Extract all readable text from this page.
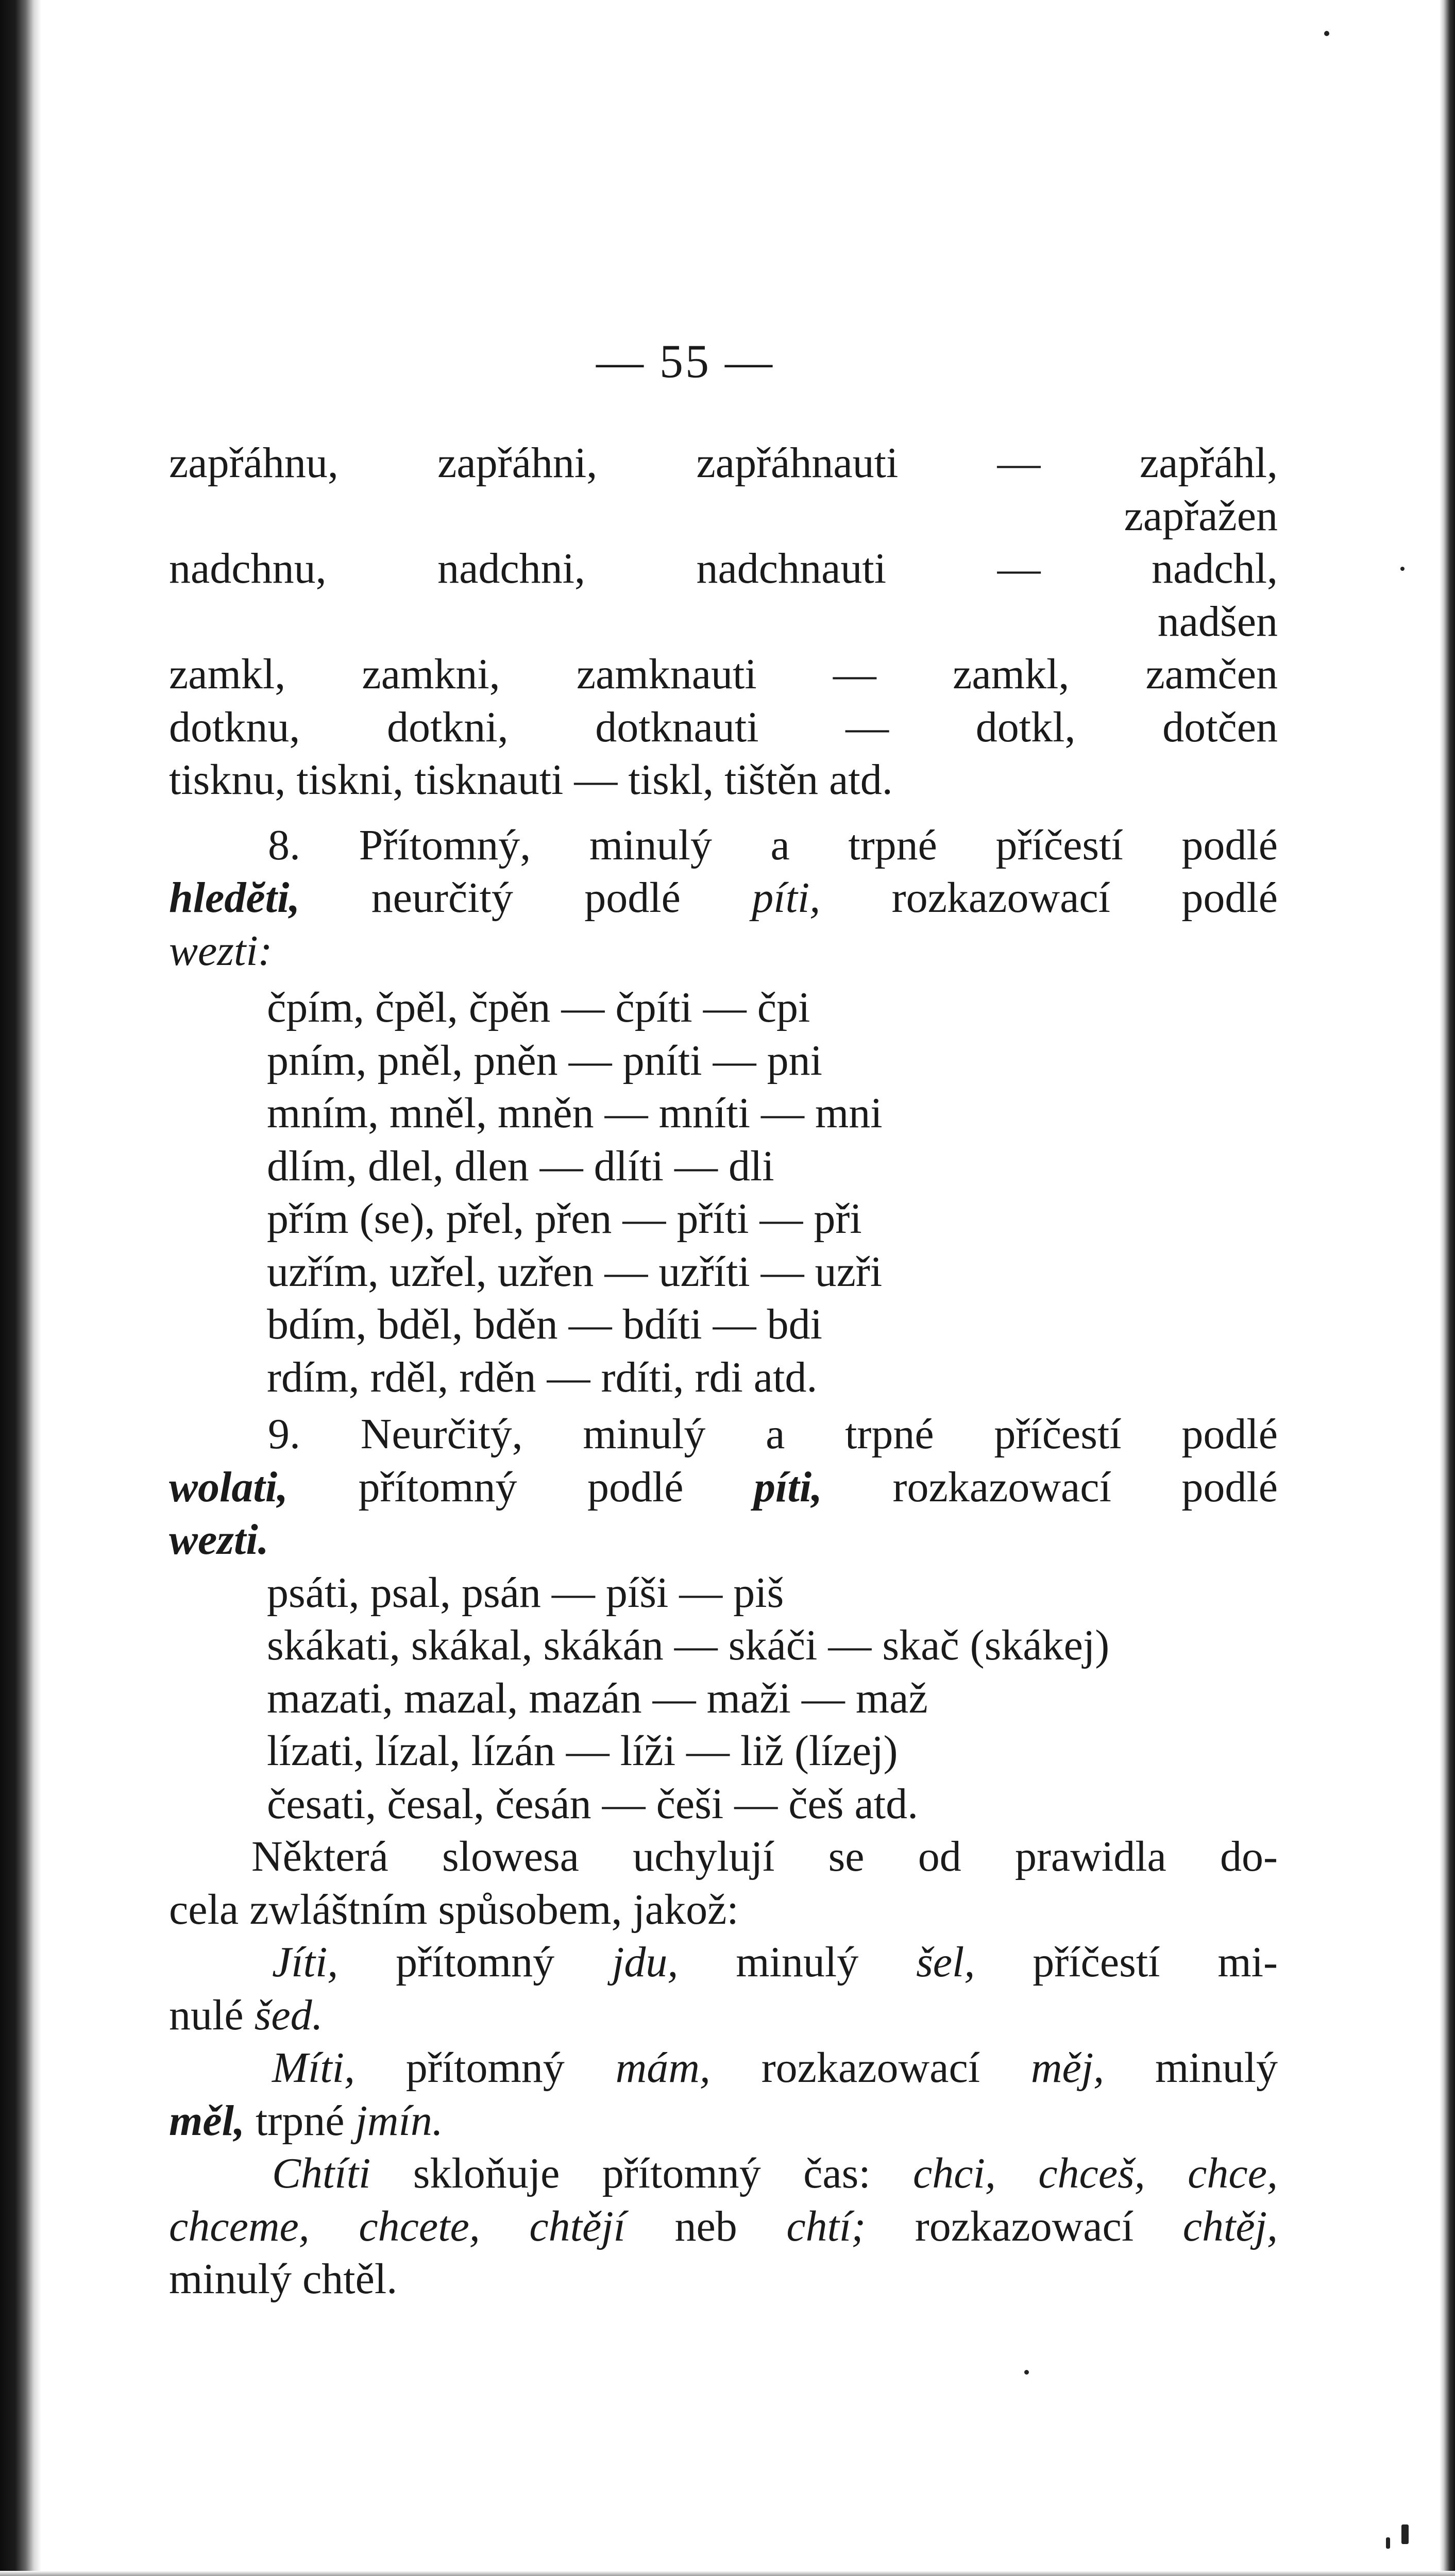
— 55 —
zapřáhnu, zapřáhni, zapřáhnauti — zapřáhl,
zapřažen
nadchnu, nadchni, nadchnauti — nadchl,
nadšen
zamkl, zamkni, zamknauti — zamkl, zamčen
dotknu, dotkni, dotknauti — dotkl, dotčen
tisknu, tiskni, tisknauti — tiskl, tištěn atd.
8. Přítomný, minulý a trpné příčestí podlé
hledĕti, neurčitý podlé píti, rozkazowací podlé
wezti:
čpím, čpěl, čpěn — čpíti — čpi
pním, pněl, pněn — pníti — pni
mním, mněl, mněn — mníti — mni
dlím, dlel, dlen — dlíti — dli
přím (se), přel, přen — příti — při
uzřím, uzřel, uzřen — uzříti — uzři
bdím, bděl, bděn — bdíti — bdi
rdím, rděl, rděn — rdíti, rdi atd.
9. Neurčitý, minulý a trpné příčestí podlé
wolati, přítomný podlé píti, rozkazowací podlé
wezti.
psáti, psal, psán — píši — piš
skákati, skákal, skákán — skáči — skač (skákej)
mazati, mazal, mazán — maži — maž
lízati, lízal, lízán — líži — liž (lízej)
česati, česal, česán — češi — češ atd.
Některá slowesa uchylují se od prawidla do-
cela zwláštním spůsobem, jakož:
Jíti, přítomný jdu, minulý šel, příčestí mi-
nulé šed.
Míti, přítomný mám, rozkazowací měj, minulý
měl, trpné jmín.
Chtíti skloňuje přítomný čas: chci, chceš, chce,
chceme, chcete, chtějí neb chtí; rozkazowací chtěj,
minulý chtěl.
